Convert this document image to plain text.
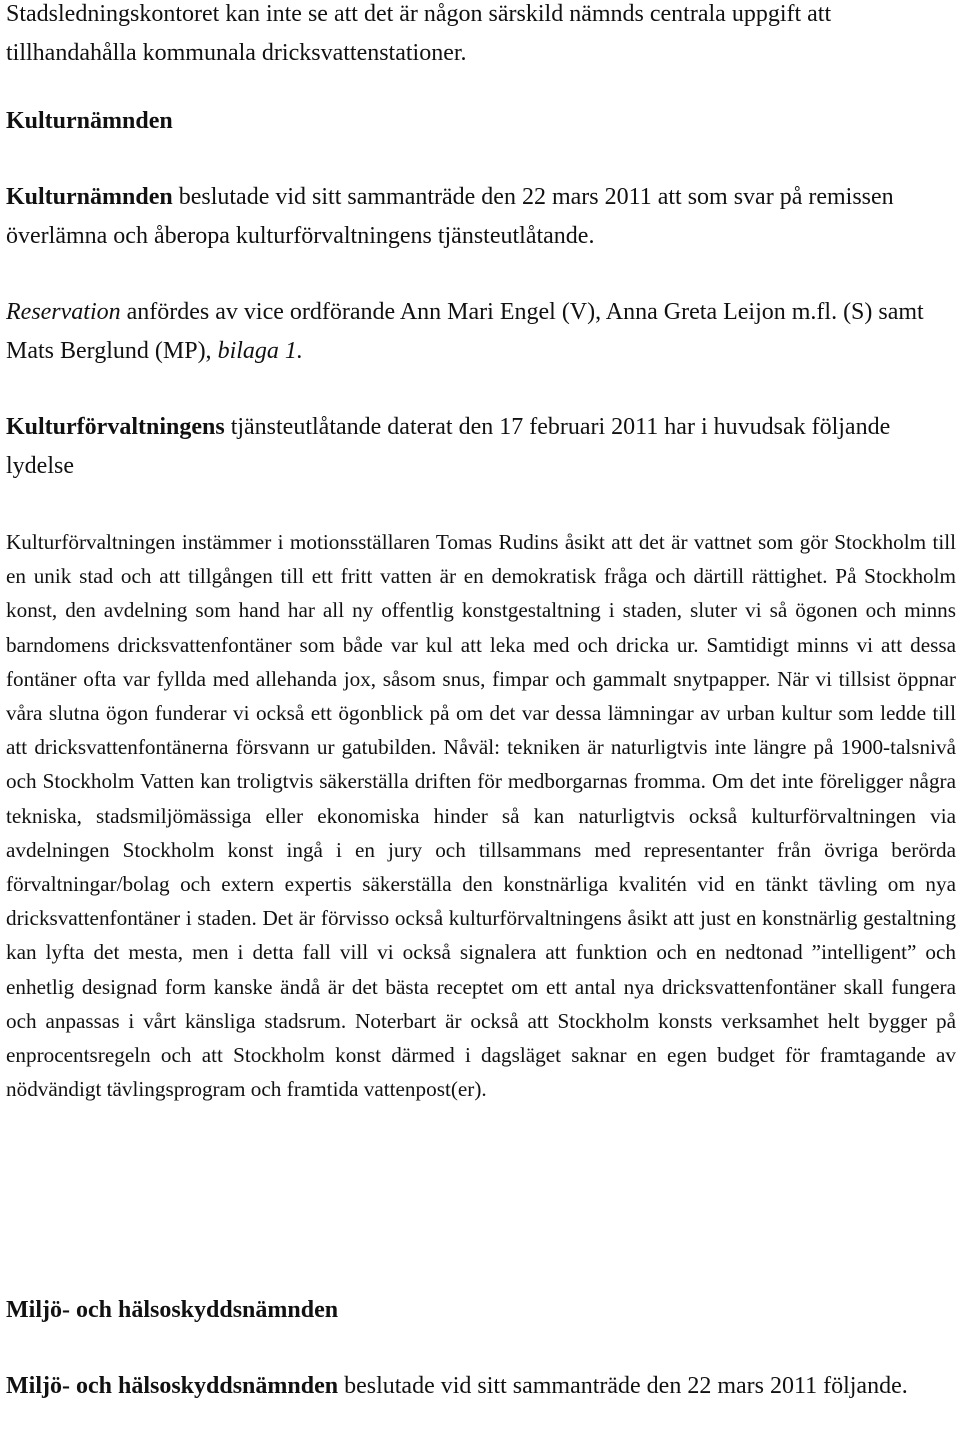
Stadsledningskontoret kan inte se att det är någon särskild nämnds centrala uppgift att tillhandahålla kommunala dricksvattenstationer.

Kulturnämnden

Kulturnämnden beslutade vid sitt sammanträde den 22 mars 2011 att som svar på remissen överlämna och åberopa kulturförvaltningens tjänsteutlåtande.

Reservation anfördes av vice ordförande Ann Mari Engel (V), Anna Greta Leijon m.fl. (S) samt Mats Berglund (MP), bilaga 1.

Kulturförvaltningens tjänsteutlåtande daterat den 17 februari 2011 har i huvudsak följande lydelse

Kulturförvaltningen instämmer i motionsställaren Tomas Rudins åsikt att det är vattnet som gör Stockholm till en unik stad och att tillgången till ett fritt vatten är en demokratisk fråga och därtill rättighet. På Stockholm konst, den avdelning som hand har all ny offentlig konstgestaltning i staden, sluter vi så ögonen och minns barndomens dricksvattenfontäner som både var kul att leka med och dricka ur. Samtidigt minns vi att dessa fontäner ofta var fyllda med allehanda jox, såsom snus, fimpar och gammalt snytpapper. När vi tillsist öppnar våra slutna ögon funderar vi också ett ögonblick på om det var dessa lämningar av urban kultur som ledde till att dricksvattenfontänerna försvann ur gatubilden. Nåväl: tekniken är naturligtvis inte längre på 1900-talsnivå och Stockholm Vatten kan troligtvis säkerställa driften för medborgarnas fromma. Om det inte föreligger några tekniska, stadsmiljömässiga eller ekonomiska hinder så kan naturligtvis också kulturförvaltningen via avdelningen Stockholm konst ingå i en jury och tillsammans med representanter från övriga berörda förvaltningar/bolag och extern expertis säkerställa den konstnärliga kvalitén vid en tänkt tävling om nya dricksvattenfontäner i staden. Det är förvisso också kulturförvaltningens åsikt att just en konstnärlig gestaltning kan lyfta det mesta, men i detta fall vill vi också signalera att funktion och en nedtonad ”intelligent” och enhetlig designad form kanske ändå är det bästa receptet om ett antal nya dricksvattenfontäner skall fungera och anpassas i vårt känsliga stadsrum. Noterbart är också att Stockholm konsts verksamhet helt bygger på enprocentsregeln och att Stockholm konst därmed i dagsläget saknar en egen budget för framtagande av nödvändigt tävlingsprogram och framtida vattenpost(er).

Miljö- och hälsoskyddsnämnden

Miljö- och hälsoskyddsnämnden beslutade vid sitt sammanträde den 22 mars 2011 följande.
